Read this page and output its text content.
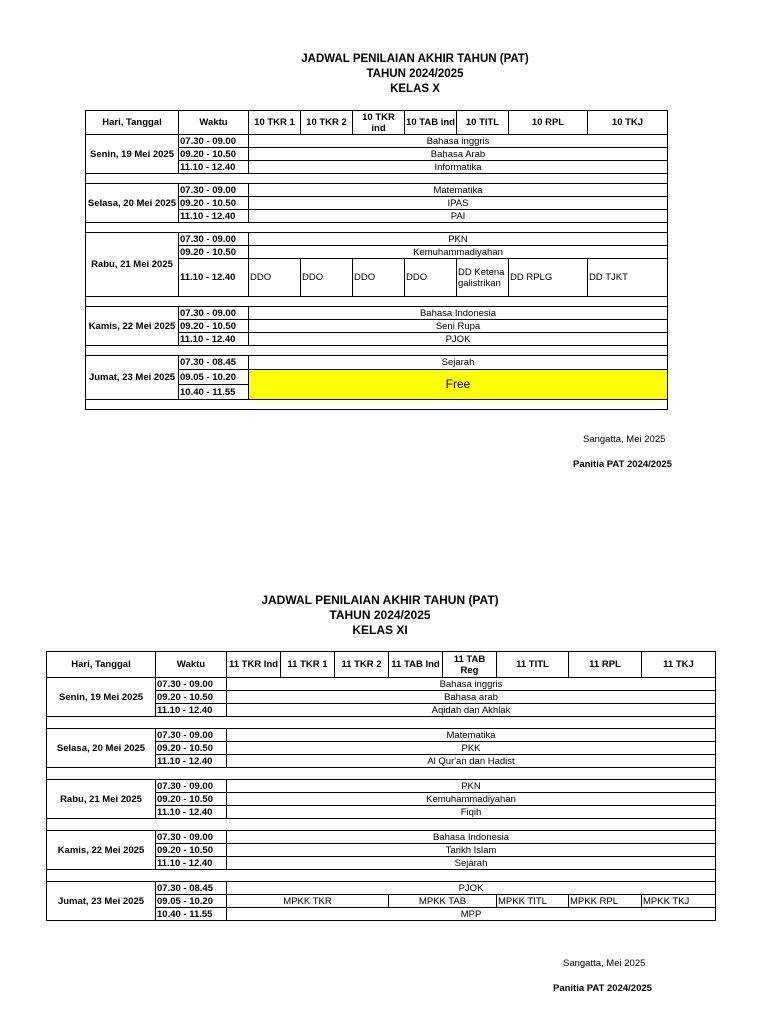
JADWAL PENILAIAN AKHIR TAHUN (PAT)
TAHUN 2024/2025
KELAS X
Hari, Tanggal	Waktu	10 TKR 1	10 TKR 2	10 TKR ind	10 TAB ind	10 TITL	10 RPL	10 TKJ
Senin, 19 Mei 2025	07.30 - 09.00	Bahasa inggris						
	09.20 - 10.50	Bahasa Arab						
	11.10 - 12.40	Informatika						

Selasa, 20 Mei 2025	07.30 - 09.00	Matematika						
	09.20 - 10.50	IPAS						
	11.10 - 12.40	PAI						

Rabu, 21 Mei 2025	07.30 - 09.00	PKN						
	09.20 - 10.50	Kemuhammadiyahan						
	11.10 - 12.40	DDO	DDO	DDO	DDO	DD Ketenagalistrikan	DD RPLG	DD TJKT

Kamis, 22 Mei 2025	07.30 - 09.00	Bahasa Indonesia						
	09.20 - 10.50	Seni Rupa						
	11.10 - 12.40	PJOK						

Jumat, 23 Mei 2025	07.30 - 08.45	Sejarah						
	09.05 - 10.20	Free						
	10.40 - 11.55							

Sangatta, Mei 2025
Panitia PAT 2024/2025
JADWAL PENILAIAN AKHIR TAHUN (PAT)
TAHUN 2024/2025
KELAS XI
Hari, Tanggal	Waktu	11 TKR Ind	11 TKR 1	11 TKR 2	11 TAB Ind	11 TAB Reg	11 TITL	11 RPL	11 TKJ
Senin, 19 Mei 2025	07.30 - 09.00	Bahasa inggris							
	09.20 - 10.50	Bahasa arab							
	11.10 - 12.40	Aqidah dan Akhlak							

Selasa, 20 Mei 2025	07.30 - 09.00	Matematika							
	09.20 - 10.50	PKK							
	11.10 - 12.40	Al Qur'an dan Hadist							

Rabu, 21 Mei 2025	07.30 - 09.00	PKN							
	09.20 - 10.50	Kemuhammadiyahan							
	11.10 - 12.40	Fiqih							

Kamis, 22 Mei 2025	07.30 - 09.00	Bahasa Indonesia							
	09.20 - 10.50	Tarikh Islam							
	11.10 - 12.40	Sejarah							

Jumat, 23 Mei 2025	07.30 - 08.45	PJOK							
	09.05 - 10.20	MPKK TKR			MPKK TAB		MPKK TITL	MPKK RPL	MPKK TKJ
	10.40 - 11.55	MPP							
Sangatta, Mei 2025
Panitia PAT 2024/2025
